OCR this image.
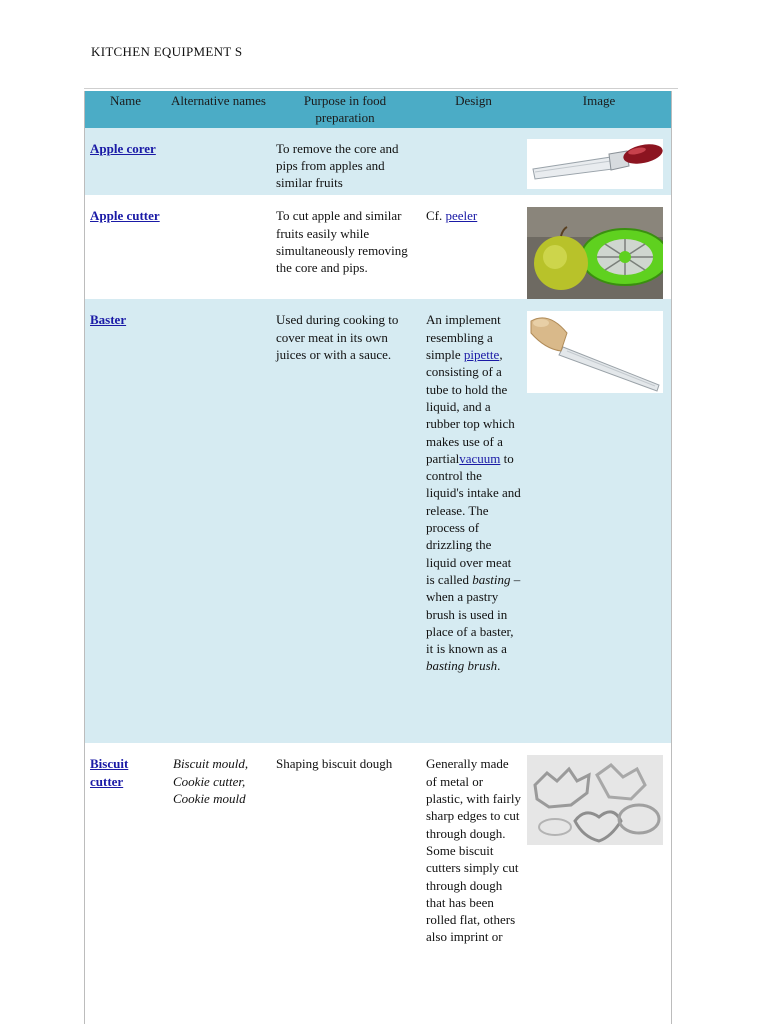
KITCHEN EQUIPMENT S
Name	Alternative names	Purpose in food preparation	Design	Image
Apple corer		To remove the core and pips from apples and similar fruits		

Apple cutter		To cut apple and similar fruits easily while simultaneously removing the core and pips.	Cf. peeler	

Baster		Used during cooking to cover meat in its own juices or with a sauce.	An implement resembling a simple pipette, consisting of a tube to hold the liquid, and a rubber top which makes use of a partialvacuum to control the liquid's intake and release. The process of drizzling the liquid over meat is called basting – when a pastry brush is used in place of a baster, it is known as a basting brush.	

Biscuit cutter	Biscuit mould, Cookie cutter, Cookie mould	Shaping biscuit dough	Generally made of metal or plastic, with fairly sharp edges to cut through dough. Some biscuit cutters simply cut through dough that has been rolled flat, others also imprint or	
